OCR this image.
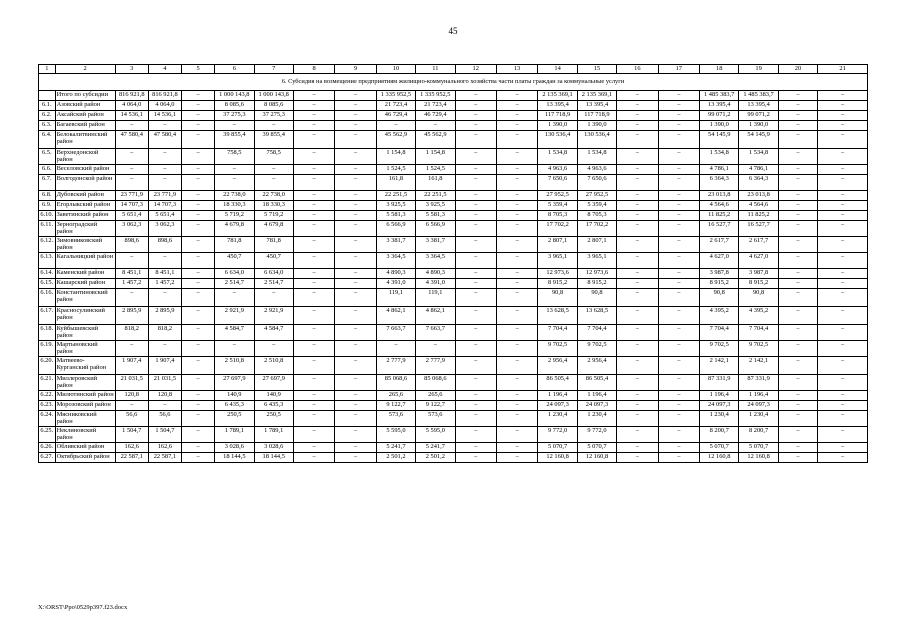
45
1	2	3	4	5	6	7	8	9	10	11	12	13	14	15	16	17	18	19	20	21
6. Субсидия на возмещение предприятиям жилищно-коммунального хозяйства части платы граждан за коммунальные услуги																				
	Итого по субсидии	816 921,8	816 921,8	–	1 000 143,8	1 000 143,8	–	–	1 335 952,5	1 335 952,5	–	–	2 135 369,1	2 135 369,1	–	–	1 485 383,7	1 485 383,7	–	–
6.1.	Азовский район	4 064,0	4 064,0	–	8 085,6	8 085,6	–	–	21 723,4	21 723,4	–	–	13 395,4	13 395,4	–	–	13 395,4	13 395,4	–	–
6.2.	Аксайский район	14 536,1	14 536,1	–	37 275,3	37 275,3	–	–	46 729,4	46 729,4	–	–	117 718,9	117 718,9	–	–	99 071,2	99 071,2	–	–
6.3.	Багаевский район	–	–	–	–	–	–	–	–	–	–	–	1 390,0	1 390,0	–	–	1 390,0	1 390,0	–	–
6.4.	Белокалитвинский район	47 580,4	47 580,4	–	39 855,4	39 855,4	–	–	45 562,9	45 562,9	–	–	130 536,4	130 536,4	–	–	54 145,9	54 145,9	–	–
6.5.	Верхнедонской район	–	–	–	758,5	758,5	–	–	1 154,8	1 154,8	–	–	1 534,8	1 534,8	–	–	1 534,8	1 534,8	–	–
6.6.	Веселовский район	–	–	–	–	–	–	–	1 524,5	1 524,5	–	–	4 963,6	4 963,6	–	–	4 786,1	4 786,1	–	–
6.7.	Волгодонской район	–	–	–	–	–	–	–	161,8	161,8	–	–	7 650,6	7 650,6	–	–	6 364,3	6 364,3	–	–
6.8.	Дубовский район	23 771,9	23 771,9	–	22 738,0	22 738,0	–	–	22 251,5	22 251,5	–	–	27 952,5	27 952,5	–	–	23 013,8	23 013,8	–	–
6.9.	Егорлыкский район	14 707,3	14 707,3	–	18 330,3	18 330,3	–	–	3 925,5	3 925,5	–	–	5 359,4	5 359,4	–	–	4 564,6	4 564,6	–	–
6.10.	Заветинский район	5 651,4	5 651,4	–	5 719,2	5 719,2	–	–	5 581,3	5 581,3	–	–	8 705,3	8 705,3	–	–	11 825,2	11 825,2	–	–
6.11.	Зерноградский район	3 062,3	3 062,3	–	4 679,8	4 679,8	–	–	6 566,9	6 566,9	–	–	17 702,2	17 702,2	–	–	16 527,7	16 527,7	–	–
6.12.	Зимовниковский район	898,6	898,6	–	781,8	781,8	–	–	3 381,7	3 381,7	–	–	2 807,1	2 807,1	–	–	2 617,7	2 617,7	–	–
6.13.	Кагальницкий район	–	–	–	450,7	450,7	–	–	3 364,5	3 364,5	–	–	3 965,1	3 965,1	–	–	4 627,0	4 627,0	–	–
6.14.	Каменский район	8 451,1	8 451,1	–	6 634,0	6 634,0	–	–	4 890,3	4 890,3	–	–	12 973,6	12 973,6	–	–	3 987,8	3 987,8	–	–
6.15.	Кашарский район	1 457,2	1 457,2	–	2 514,7	2 514,7	–	–	4 391,0	4 391,0	–	–	8 915,2	8 915,2	–	–	8 915,2	8 915,2	–	–
6.16.	Константиновский район	–	–	–	–	–	–	–	119,1	119,1	–	–	90,8	90,8	–	–	90,8	90,8	–	–
6.17.	Красносулинский район	2 895,9	2 895,9	–	2 921,9	2 921,9	–	–	4 862,1	4 862,1	–	–	13 628,5	13 628,5	–	–	4 395,2	4 395,2	–	–
6.18.	Куйбышевский район	818,2	818,2	–	4 584,7	4 584,7	–	–	7 663,7	7 663,7	–	–	7 704,4	7 704,4	–	–	7 704,4	7 704,4	–	–
6.19.	Мартыновский район	–	–	–	–	–	–	–	–	–	–	–	9 702,5	9 702,5	–	–	9 702,5	9 702,5	–	–
6.20.	Матвеево-Курганский район	1 907,4	1 907,4	–	2 510,8	2 510,8	–	–	2 777,9	2 777,9	–	–	2 956,4	2 956,4	–	–	2 142,1	2 142,1	–	–
6.21.	Миллеровский район	21 031,5	21 031,5	–	27 697,9	27 697,9	–	–	85 068,6	85 068,6	–	–	86 505,4	86 505,4	–	–	87 331,9	87 331,9	–	–
6.22.	Милютинский район	120,8	120,8	–	140,9	140,9	–	–	265,6	265,6	–	–	1 196,4	1 196,4	–	–	1 196,4	1 196,4	–	–
6.23.	Морозовский район	–	–	–	6 435,3	6 435,3	–	–	9 122,7	9 122,7	–	–	24 097,3	24 097,3	–	–	24 097,3	24 097,3	–	–
6.24.	Мясниковский район	56,6	56,6	–	250,5	250,5	–	–	573,6	573,6	–	–	1 230,4	1 230,4	–	–	1 230,4	1 230,4	–	–
6.25.	Неклиновский район	1 504,7	1 504,7	–	1 789,1	1 789,1	–	–	5 595,0	5 595,0	–	–	9 772,0	9 772,0	–	–	8 200,7	8 200,7	–	–
6.26.	Обливский район	162,6	162,6	–	3 028,6	3 028,6	–	–	5 241,7	5 241,7	–	–	5 070,7	5 070,7	–	–	5 070,7	5 070,7	–	–
6.27.	Октябрьский район	22 587,1	22 587,1	–	18 144,5	18 144,5	–	–	2 501,2	2 501,2	–	–	12 160,8	12 160,8	–	–	12 160,8	12 160,8	–	–
X:\ORST\Ppo\0529p397.f23.docx
